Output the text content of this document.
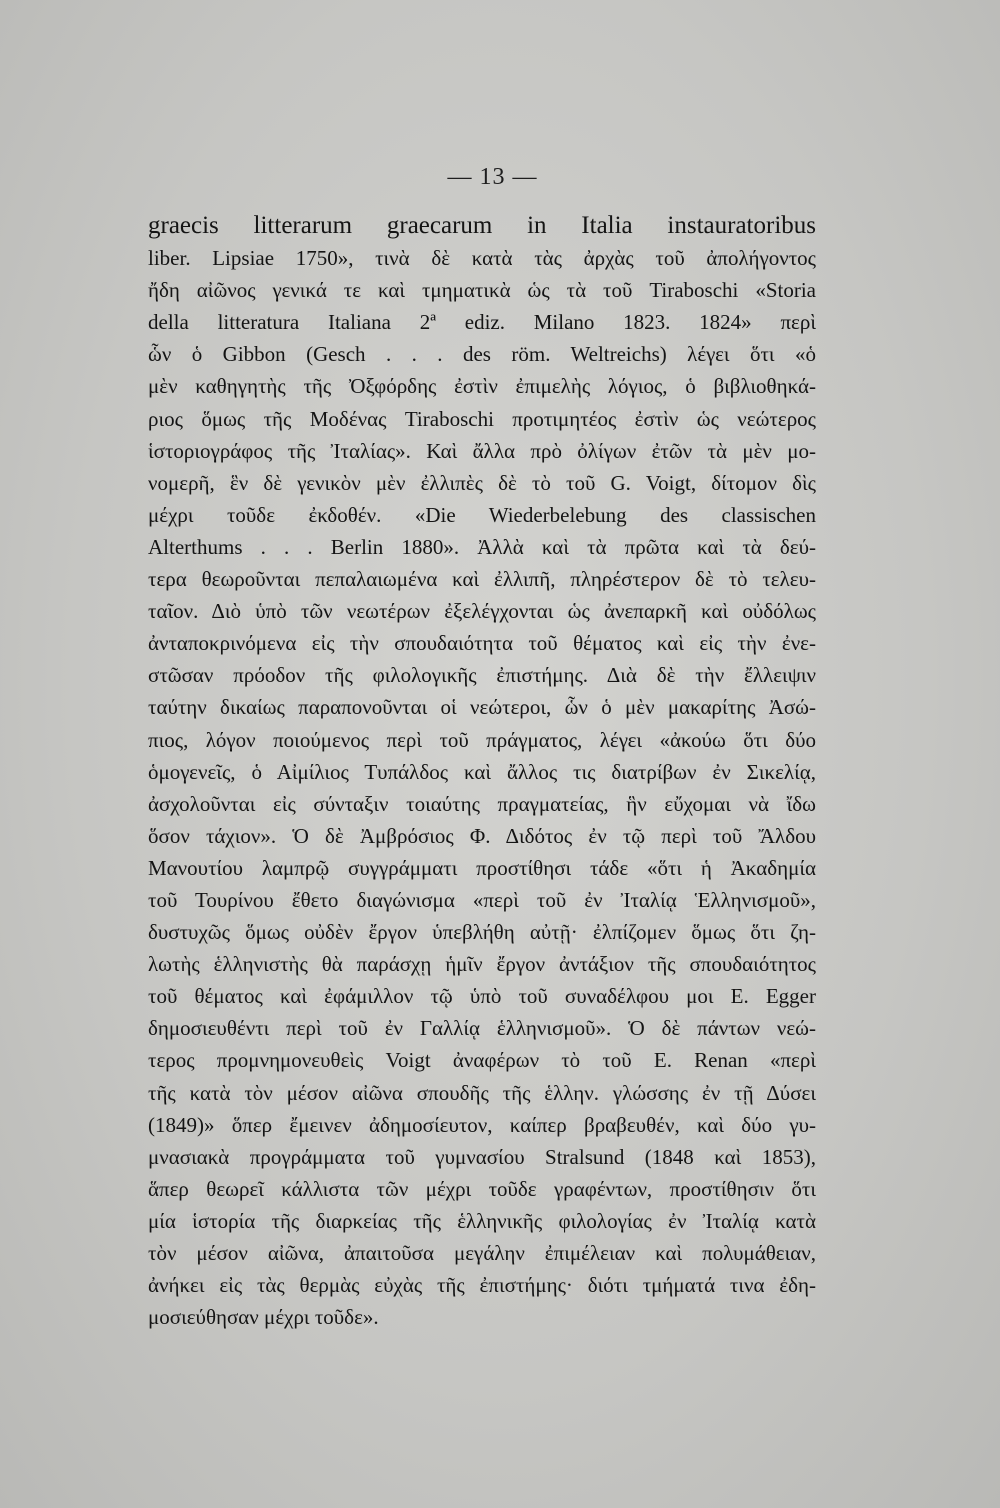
— 13 —
graecis litterarum graecarum in Italia instauratoribus
liber. Lipsiae 1750», τινὰ δὲ κατὰ τὰς ἀρχὰς τοῦ ἀπολήγοντος
ἤδη αἰῶνος γενικά τε καὶ τμηματικὰ ὡς τὰ τοῦ Tiraboschi «Storia
della litteratura Italiana 2ª ediz. Milano 1823. 1824» περὶ
ὧν ὁ Gibbon (Gesch . . . des röm. Weltreichs) λέγει ὅτι «ὁ
μὲν καθηγητὴς τῆς Ὀξφόρδης ἐστὶν ἐπιμελὴς λόγιος, ὁ βιβλιοθηκά-
ριος ὅμως τῆς Μοδένας Tiraboschi προτιμητέος ἐστὶν ὡς νεώτερος
ἱστοριογράφος τῆς Ἰταλίας». Καὶ ἄλλα πρὸ ὀλίγων ἐτῶν τὰ μὲν μο-
νομερῆ, ἓν δὲ γενικὸν μὲν ἐλλιπὲς δὲ τὸ τοῦ G. Voigt, δίτομον δὶς
μέχρι τοῦδε ἐκδοθέν. «Die Wiederbelebung des classischen
Alterthums . . . Berlin 1880». Ἀλλὰ καὶ τὰ πρῶτα καὶ τὰ δεύ-
τερα θεωροῦνται πεπαλαιωμένα καὶ ἐλλιπῆ, πληρέστερον δὲ τὸ τελευ-
ταῖον. Διὸ ὑπὸ τῶν νεωτέρων ἐξελέγχονται ὡς ἀνεπαρκῆ καὶ οὐδόλως
ἀνταποκρινόμενα εἰς τὴν σπουδαιότητα τοῦ θέματος καὶ εἰς τὴν ἐνε-
στῶσαν πρόοδον τῆς φιλολογικῆς ἐπιστήμης. Διὰ δὲ τὴν ἔλλειψιν
ταύτην δικαίως παραπονοῦνται οἱ νεώτεροι, ὧν ὁ μὲν μακαρίτης Ἀσώ-
πιος, λόγον ποιούμενος περὶ τοῦ πράγματος, λέγει «ἀκούω ὅτι δύο
ὁμογενεῖς, ὁ Αἰμίλιος Τυπάλδος καὶ ἄλλος τις διατρίβων ἐν Σικελίᾳ,
ἀσχολοῦνται εἰς σύνταξιν τοιαύτης πραγματείας, ἣν εὔχομαι νὰ ἴδω
ὅσον τάχιον». Ὁ δὲ Ἀμβρόσιος Φ. Διδότος ἐν τῷ περὶ τοῦ Ἄλδου
Μανουτίου λαμπρῷ συγγράμματι προστίθησι τάδε «ὅτι ἡ Ἀκαδημία
τοῦ Τουρίνου ἔθετο διαγώνισμα «περὶ τοῦ ἐν Ἰταλίᾳ Ἑλληνισμοῦ»,
δυστυχῶς ὅμως οὐδὲν ἔργον ὑπεβλήθη αὐτῇ· ἐλπίζομεν ὅμως ὅτι ζη-
λωτὴς ἑλληνιστὴς θὰ παράσχῃ ἡμῖν ἔργον ἀντάξιον τῆς σπουδαιότητος
τοῦ θέματος καὶ ἐφάμιλλον τῷ ὑπὸ τοῦ συναδέλφου μοι E. Egger
δημοσιευθέντι περὶ τοῦ ἐν Γαλλίᾳ ἑλληνισμοῦ». Ὁ δὲ πάντων νεώ-
τερος προμνημονευθεὶς Voigt ἀναφέρων τὸ τοῦ E. Renan «περὶ
τῆς κατὰ τὸν μέσον αἰῶνα σπουδῆς τῆς ἑλλην. γλώσσης ἐν τῇ Δύσει
(1849)» ὅπερ ἔμεινεν ἀδημοσίευτον, καίπερ βραβευθέν, καὶ δύο γυ-
μνασιακὰ προγράμματα τοῦ γυμνασίου Stralsund (1848 καὶ 1853),
ἅπερ θεωρεῖ κάλλιστα τῶν μέχρι τοῦδε γραφέντων, προστίθησιν ὅτι
μία ἱστορία τῆς διαρκείας τῆς ἑλληνικῆς φιλολογίας ἐν Ἰταλίᾳ κατὰ
τὸν μέσον αἰῶνα, ἀπαιτοῦσα μεγάλην ἐπιμέλειαν καὶ πολυμάθειαν,
ἀνήκει εἰς τὰς θερμὰς εὐχὰς τῆς ἐπιστήμης· διότι τμήματά τινα ἐδη-
μοσιεύθησαν μέχρι τοῦδε».
